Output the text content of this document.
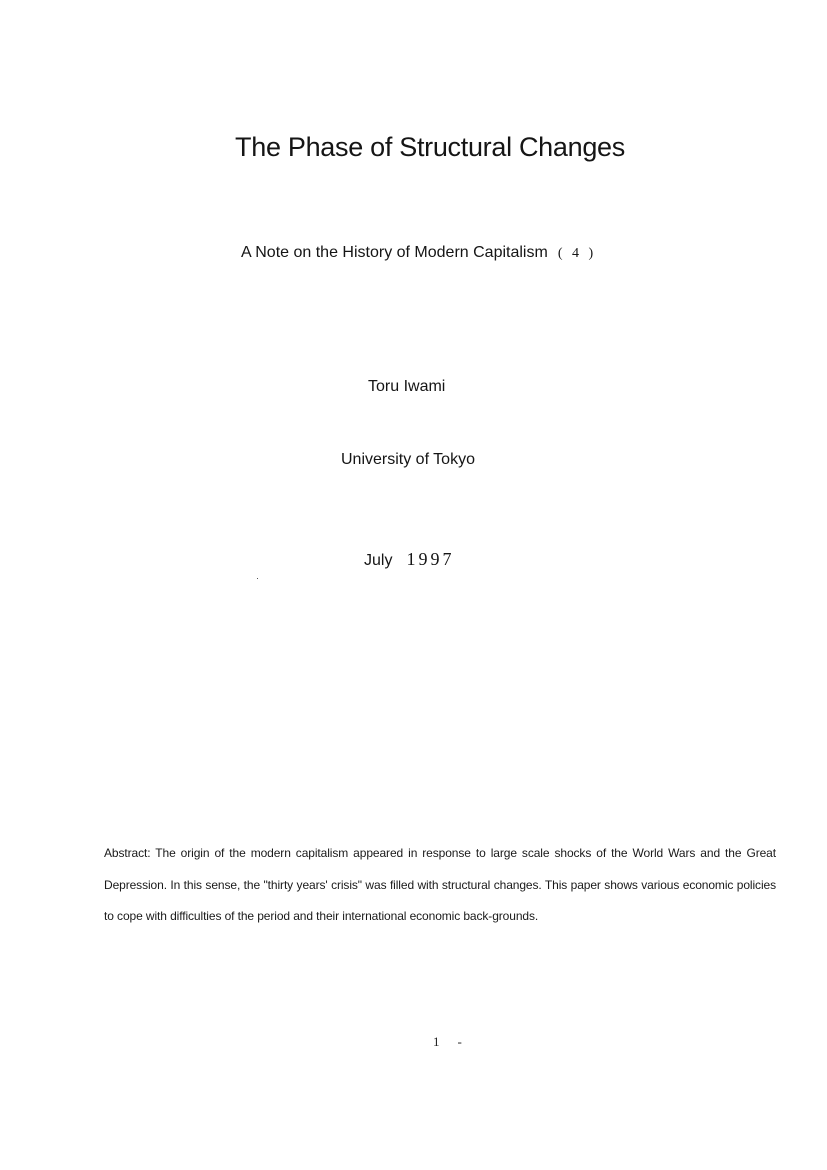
The Phase of Structural Changes
A Note on the History of Modern Capitalism ( 4 )
Toru Iwami
University of Tokyo
July 1997

Abstract: The origin of the modern capitalism appeared in response to large scale shocks of the World Wars and the Great Depression. In this sense, the "thirty years' crisis" was filled with structural changes. This paper shows various economic policies to cope with difficulties of the period and their international economic back-grounds.

1 -
